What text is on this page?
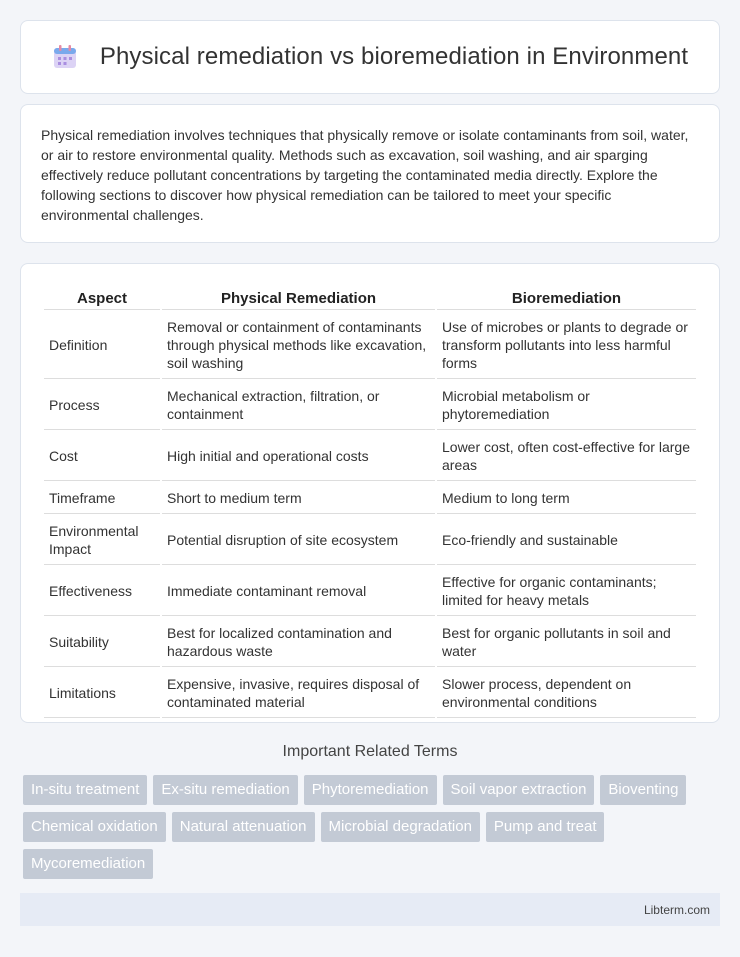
Physical remediation vs bioremediation in Environment

Physical remediation involves techniques that physically remove or isolate contaminants from soil, water, or air to restore environmental quality. Methods such as excavation, soil washing, and air sparging effectively reduce pollutant concentrations by targeting the contaminated media directly. Explore the following sections to discover how physical remediation can be tailored to meet your specific environmental challenges.

Aspect	Physical Remediation	Bioremediation
Definition	Removal or containment of contaminants through physical methods like excavation, soil washing	Use of microbes or plants to degrade or transform pollutants into less harmful forms
Process	Mechanical extraction, filtration, or containment	Microbial metabolism or phytoremediation
Cost	High initial and operational costs	Lower cost, often cost-effective for large areas
Timeframe	Short to medium term	Medium to long term
Environmental Impact	Potential disruption of site ecosystem	Eco-friendly and sustainable
Effectiveness	Immediate contaminant removal	Effective for organic contaminants; limited for heavy metals
Suitability	Best for localized contamination and hazardous waste	Best for organic pollutants in soil and water
Limitations	Expensive, invasive, requires disposal of contaminated material	Slower process, dependent on environmental conditions
Important Related Terms
In-situ treatment	Ex-situ remediation	Phytoremediation	Soil vapor extraction	Bioventing
Chemical oxidation	Natural attenuation	Microbial degradation	Pump and treat
Mycoremediation
Libterm.com
